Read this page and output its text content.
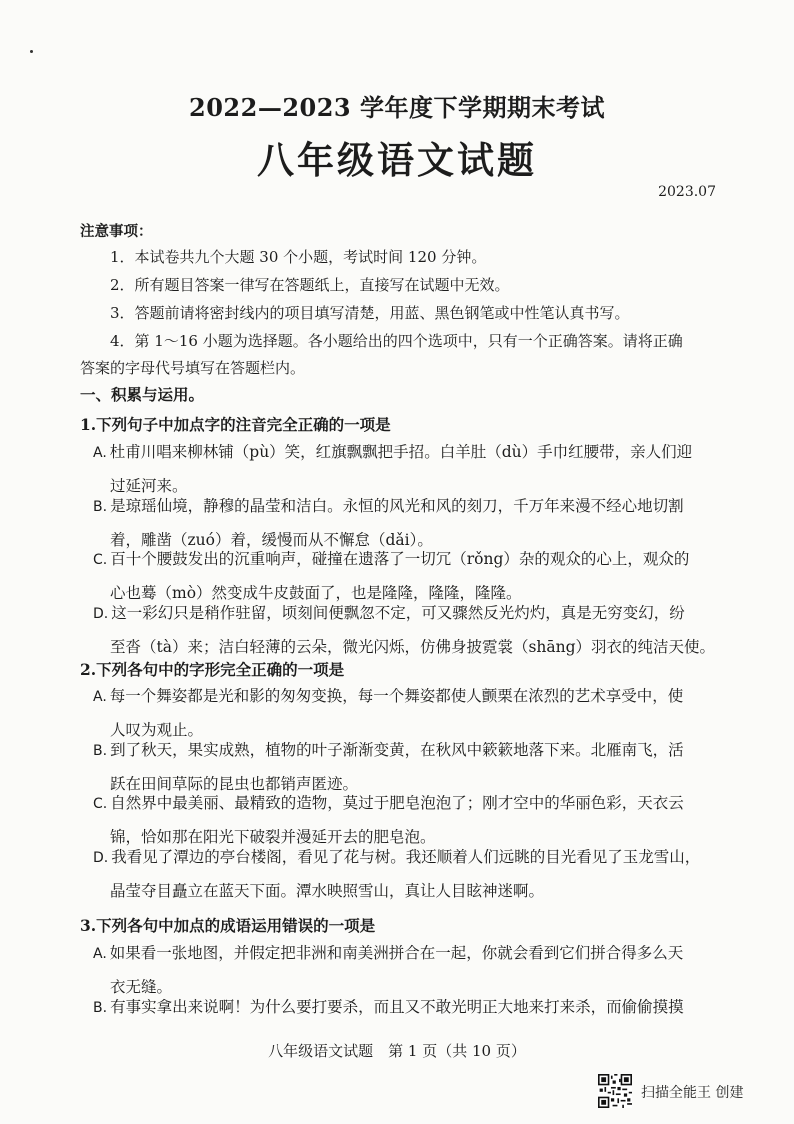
2022—2023 学年度下学期期末考试
八年级语文试题
2023.07
注意事项：
1．本试卷共九个大题 30 个小题，考试时间 120 分钟。
2．所有题目答案一律写在答题纸上，直接写在试题中无效。
3．答题前请将密封线内的项目填写清楚，用蓝、黑色钢笔或中性笔认真书写。
4．第 1～16 小题为选择题。各小题给出的四个选项中，只有一个正确答案。请将正确
答案的字母代号填写在答题栏内。
一、积累与运用。
1.下列句子中加点字的注音完全正确的一项是
A. 杜甫川唱来柳林铺（pù）笑，红旗飘飘把手招。白羊肚（dù）手巾红腰带，亲人们迎
过延河来。
B. 是琼瑶仙境，静穆的晶莹和洁白。永恒的风光和风的刻刀，千万年来漫不经心地切割
着，雕凿（zuó）着，缓慢而从不懈怠（dǎi）。
C. 百十个腰鼓发出的沉重响声，碰撞在遗落了一切冗（rǒng）杂的观众的心上，观众的
心也蓦（mò）然变成牛皮鼓面了，也是隆隆，隆隆，隆隆。
D. 这一彩幻只是稍作驻留，顷刻间便飘忽不定，可又骤然反光灼灼，真是无穷变幻，纷
至沓（tà）来；洁白轻薄的云朵，微光闪烁，仿佛身披霓裳（shāng）羽衣的纯洁天使。
2.下列各句中的字形完全正确的一项是
A. 每一个舞姿都是光和影的匆匆变换，每一个舞姿都使人颤栗在浓烈的艺术享受中，使
人叹为观止。
B. 到了秋天，果实成熟，植物的叶子渐渐变黄，在秋风中簌簌地落下来。北雁南飞，活
跃在田间草际的昆虫也都销声匿迹。
C. 自然界中最美丽、最精致的造物，莫过于肥皂泡泡了；刚才空中的华丽色彩，天衣云
锦，恰如那在阳光下破裂并漫延开去的肥皂泡。
D. 我看见了潭边的亭台楼阁，看见了花与树。我还顺着人们远眺的目光看见了玉龙雪山，
晶莹夺目矗立在蓝天下面。潭水映照雪山，真让人目眩神迷啊。
3.下列各句中加点的成语运用错误的一项是
A. 如果看一张地图，并假定把非洲和南美洲拼合在一起，你就会看到它们拼合得多么天
衣无缝。
B. 有事实拿出来说啊！为什么要打要杀，而且又不敢光明正大地来打来杀，而偷偷摸摸
八年级语文试题　第 1 页（共 10 页）
扫描全能王 创建
